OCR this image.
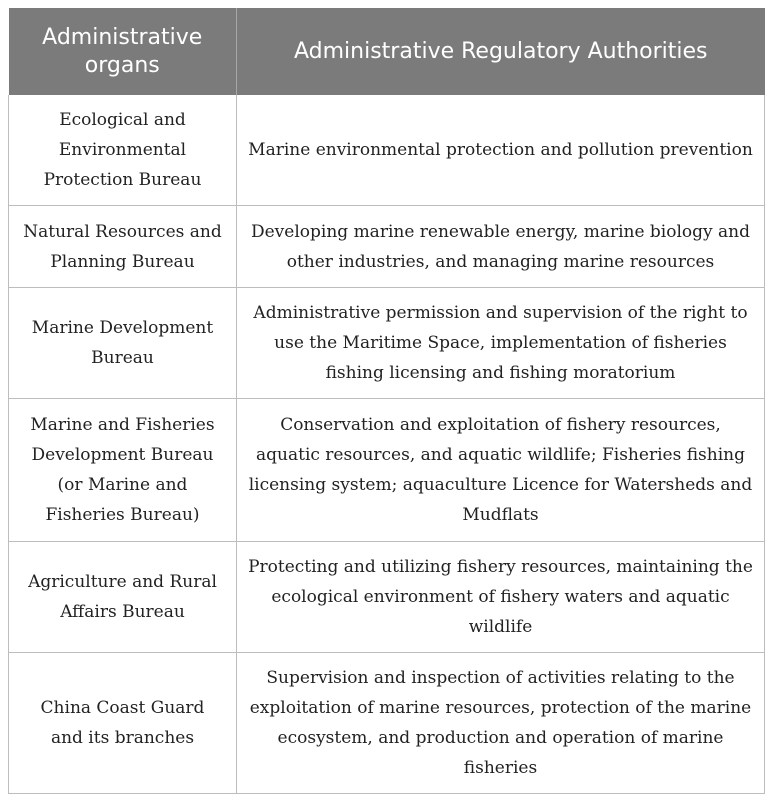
Administrative organs	Administrative Regulatory Authorities
Ecological and Environmental Protection Bureau	Marine environmental protection and pollution prevention
Natural Resources and Planning Bureau	Developing marine renewable energy, marine biology and other industries, and managing marine resources
Marine Development Bureau	Administrative permission and supervision of the right to use the Maritime Space, implementation of fisheries fishing licensing and fishing moratorium
Marine and Fisheries Development Bureau (or Marine and Fisheries Bureau)	Conservation and exploitation of fishery resources, aquatic resources, and aquatic wildlife; Fisheries fishing licensing system; aquaculture Licence for Watersheds and Mudflats
Agriculture and Rural Affairs Bureau	Protecting and utilizing fishery resources, maintaining the ecological environment of fishery waters and aquatic wildlife
China Coast Guard and its branches	Supervision and inspection of activities relating to the exploitation of marine resources, protection of the marine ecosystem, and production and operation of marine fisheries
